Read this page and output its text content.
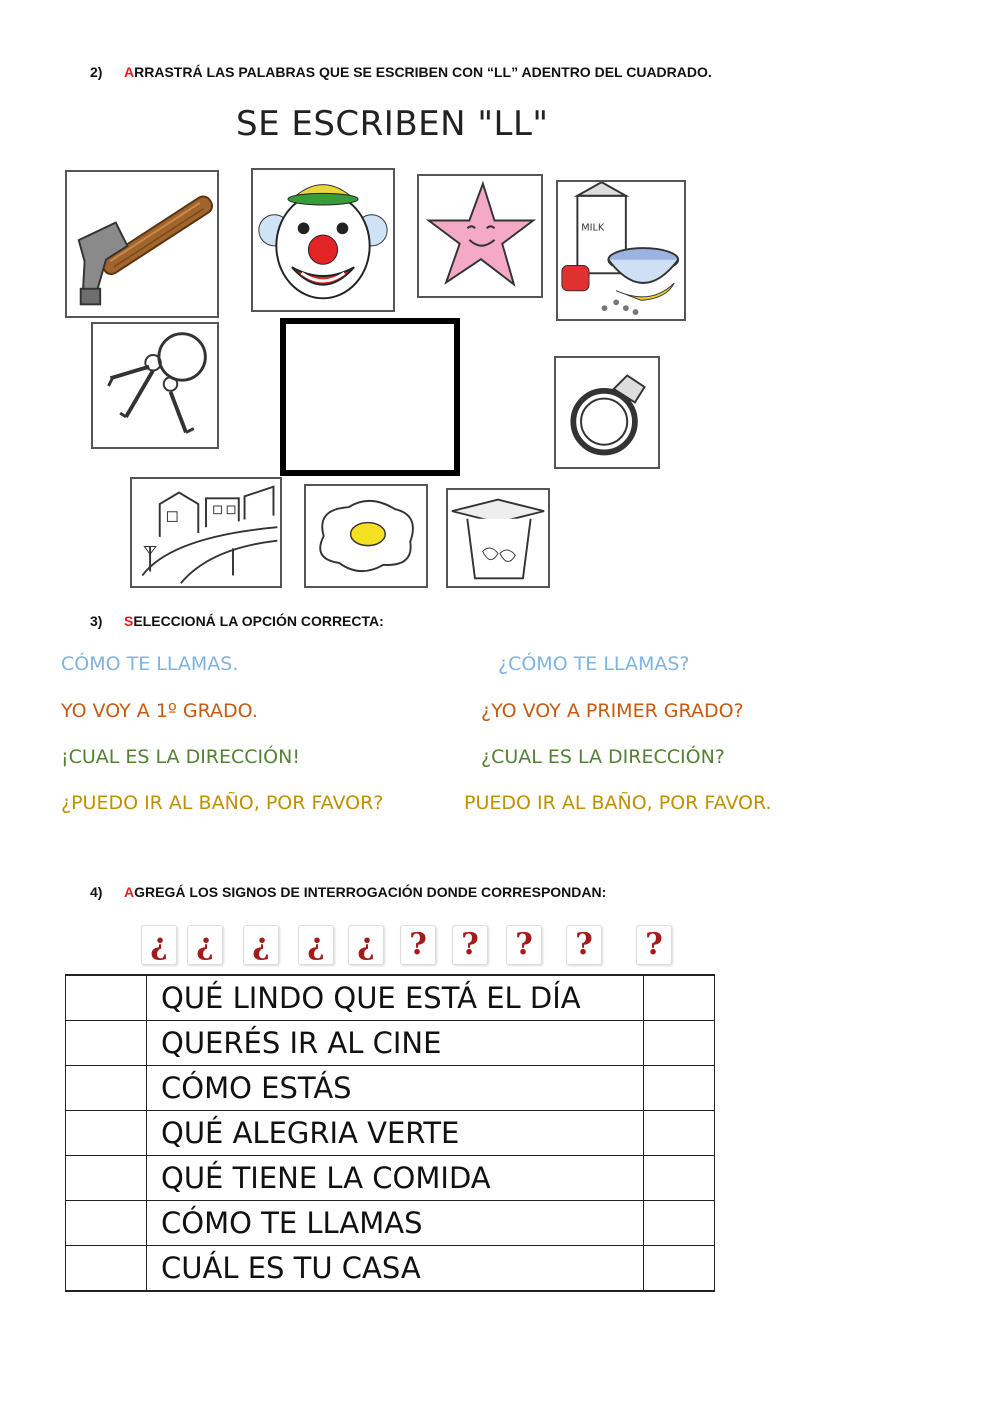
2) ARRASTRÁ LAS PALABRAS QUE SE ESCRIBEN CON “LL” ADENTRO DEL CUADRADO.
SE ESCRIBEN "LL"
MILK
3) SELECCIONÁ LA OPCIÓN CORRECTA:
CÓMO TE LLAMAS.	¿CÓMO TE LLAMAS?
YO VOY A 1º GRADO.	¿YO VOY A PRIMER GRADO?
¡CUAL ES LA DIRECCIÓN!	¿CUAL ES LA DIRECCIÓN?
¿PUEDO IR AL BAÑO, POR FAVOR?	PUEDO IR AL BAÑO, POR FAVOR.
4) AGREGÁ LOS SIGNOS DE INTERROGACIÓN DONDE CORRESPONDAN:
¿ ¿	¿	¿	¿	?	?	?	?	?
	QUÉ LINDO QUE ESTÁ EL DÍA	
	QUERÉS IR AL CINE	
	CÓMO ESTÁS	
	QUÉ ALEGRIA VERTE	
	QUÉ TIENE LA COMIDA	
	CÓMO TE LLAMAS	
	CUÁL ES TU CASA	
